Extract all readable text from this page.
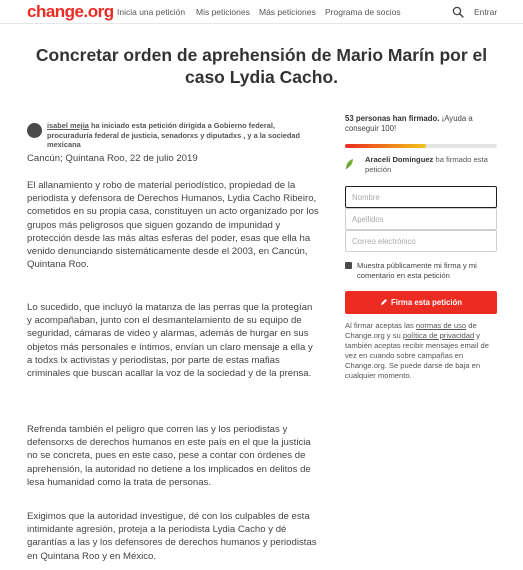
change.org Inicia una petición Mis peticiones Más peticiones Programa de socios	Entrar
Concretar orden de aprehensión de Mario Marín por el caso Lydia Cacho.
isabel mejia ha iniciado esta petición dirigida a Gobierno federal, procuraduría federal de justicia, senadorxs y diputadxs , y a la sociedad mexicana

Cancún; Quintana Roo, 22 de julio 2019

El allanamiento y robo de material periodístico, propiedad de la periodista y defensora de Derechos Humanos, Lydia Cacho Ribeiro, cometidos en su propia casa, constituyen un acto organizado por los grupos más peligrosos que siguen gozando de impunidad y protección desde las más altas esferas del poder, esas que ella ha venido denunciando sistemáticamente desde el 2003, en Cancún, Quintana Roo.

Lo sucedido, que incluyó la matanza de las perras que la protegían y acompañaban, junto con el desmantelamiento de su equipo de seguridad, cámaras de video y alarmas, además de hurgar en sus objetos más personales e íntimos, envían un claro mensaje a ella y a todxs lx activistas y periodistas, por parte de estas mafias criminales que buscan acallar la voz de la sociedad y de la prensa.

Refrenda también el peligro que corren las y los periodistas y defensorxs de derechos humanos en este país en el que la justicia no se concreta, pues en este caso, pese a contar con órdenes de aprehensión, la autoridad no detiene a los implicados en delitos de lesa humanidad como la trata de personas.

Exigimos que la autoridad investigue, dé con los culpables de esta intimidante agresión, proteja a la periodista Lydia Cacho y dé garantías a las y los defensores de derechos humanos y periodistas en Quintana Roo y en México.

53 personas han firmado. ¡Ayuda a conseguir 100!

Araceli Domínguez ha firmado esta petición

Nombre
Apellidos
Correo electrónico
Muestra públicamente mi firma y mi comentario en esta petición
Firma esta petición

Al firmar aceptas las normas de uso de Change.org y su política de privacidad y también aceptas recibir mensajes email de vez en cuando sobre campañas en Change.org. Se puede darse de baja en cualquier momento.
